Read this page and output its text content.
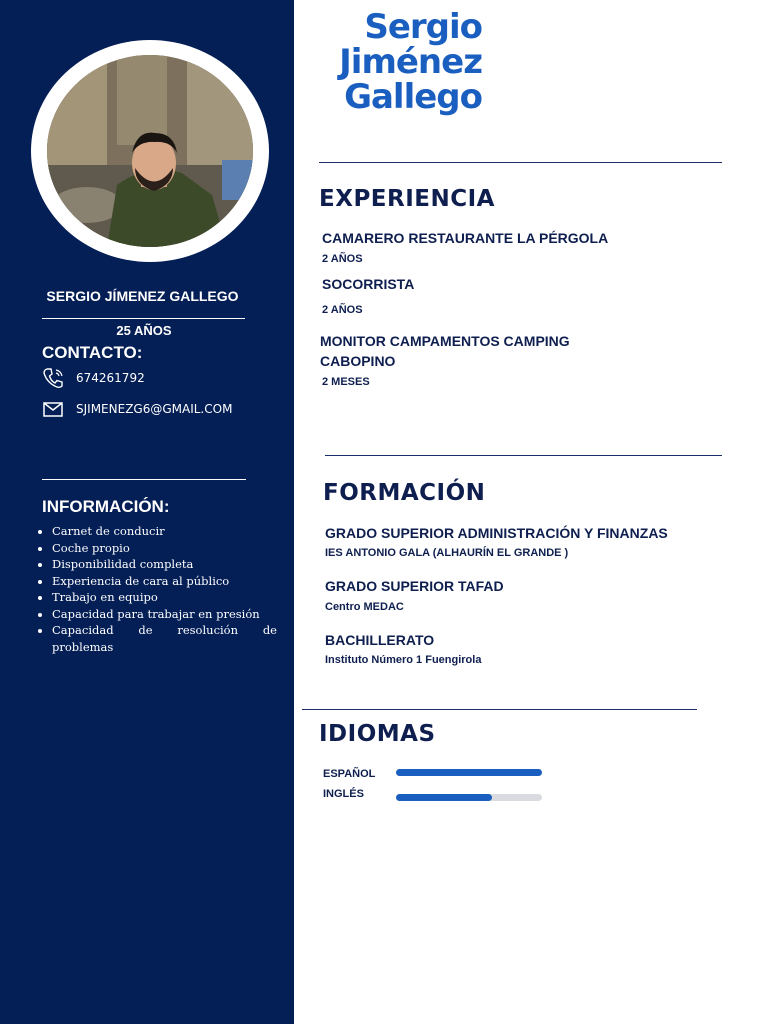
SERGIO JÍMENEZ GALLEGO
25 AÑOS
CONTACTO:
674261792
SJIMENEZG6@GMAIL.COM
INFORMACIÓN:
• Carnet de conducir
• Coche propio
• Disponibilidad completa
• Experiencia de cara al público
• Trabajo en equipo
• Capacidad para trabajar en presión
• Capacidad de resolución de problemas
Sergio Jiménez Gallego
EXPERIENCIA
CAMARERO RESTAURANTE LA PÉRGOLA
2 AÑOS
SOCORRISTA
2 AÑOS
MONITOR CAMPAMENTOS CAMPING
CABOPINO
2 MESES
FORMACIÓN
GRADO SUPERIOR ADMINISTRACIÓN Y FINANZAS
IES ANTONIO GALA (ALHAURÍN EL GRANDE )
GRADO SUPERIOR TAFAD
Centro MEDAC
BACHILLERATO
Instituto Número 1 Fuengirola
IDIOMAS
ESPAÑOL
INGLÉS
